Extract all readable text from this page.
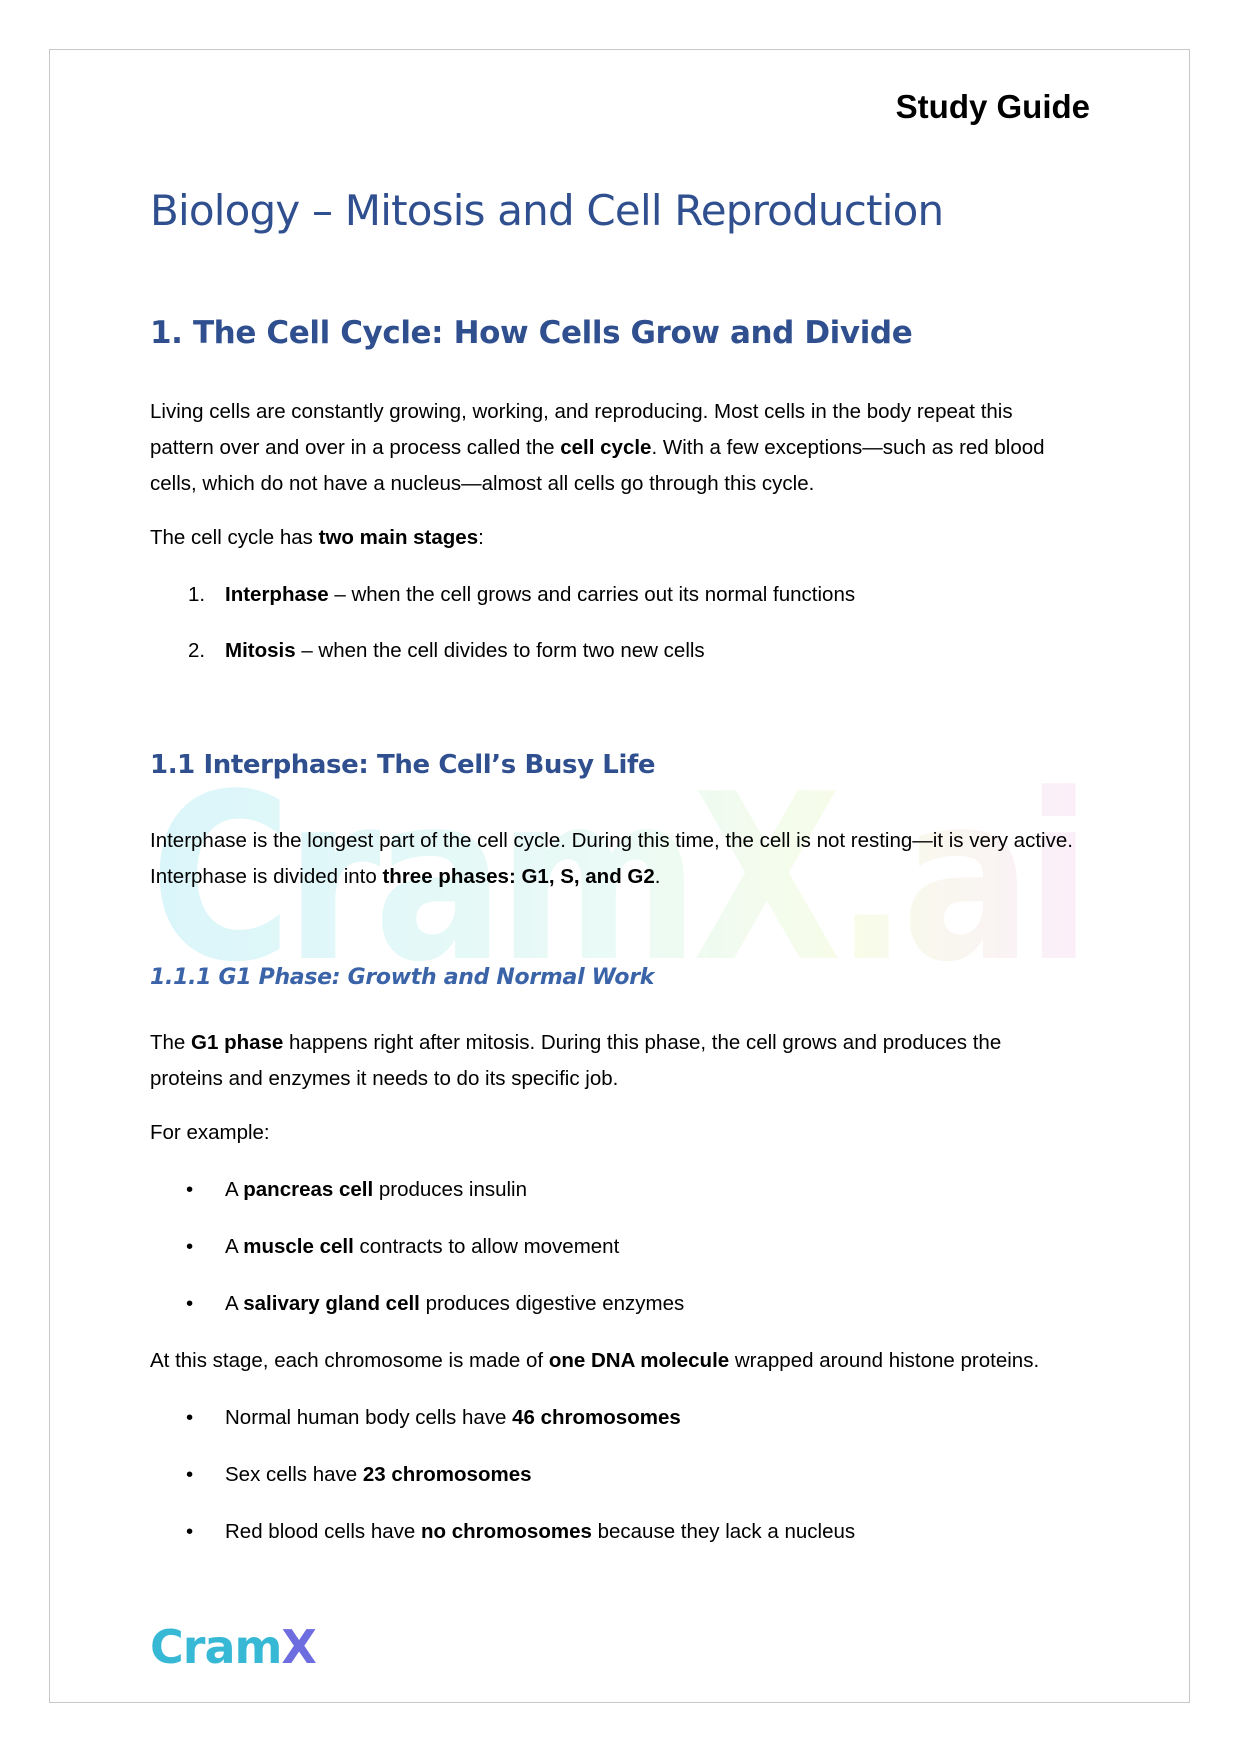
CramX.ai
Study Guide
Biology – Mitosis and Cell Reproduction
1. The Cell Cycle: How Cells Grow and Divide
Living cells are constantly growing, working, and reproducing. Most cells in the body repeat this
pattern over and over in a process called the cell cycle. With a few exceptions—such as red blood
cells, which do not have a nucleus—almost all cells go through this cycle.
The cell cycle has two main stages:
1. Interphase – when the cell grows and carries out its normal functions
2. Mitosis – when the cell divides to form two new cells
1.1 Interphase: The Cell’s Busy Life
Interphase is the longest part of the cell cycle. During this time, the cell is not resting—it is very active.
Interphase is divided into three phases: G1, S, and G2.
1.1.1 G1 Phase: Growth and Normal Work
The G1 phase happens right after mitosis. During this phase, the cell grows and produces the
proteins and enzymes it needs to do its specific job.
For example:
•	A pancreas cell produces insulin
•	A muscle cell contracts to allow movement
•	A salivary gland cell produces digestive enzymes
At this stage, each chromosome is made of one DNA molecule wrapped around histone proteins.
•	Normal human body cells have 46 chromosomes
•	Sex cells have 23 chromosomes
•	Red blood cells have no chromosomes because they lack a nucleus
CramX
